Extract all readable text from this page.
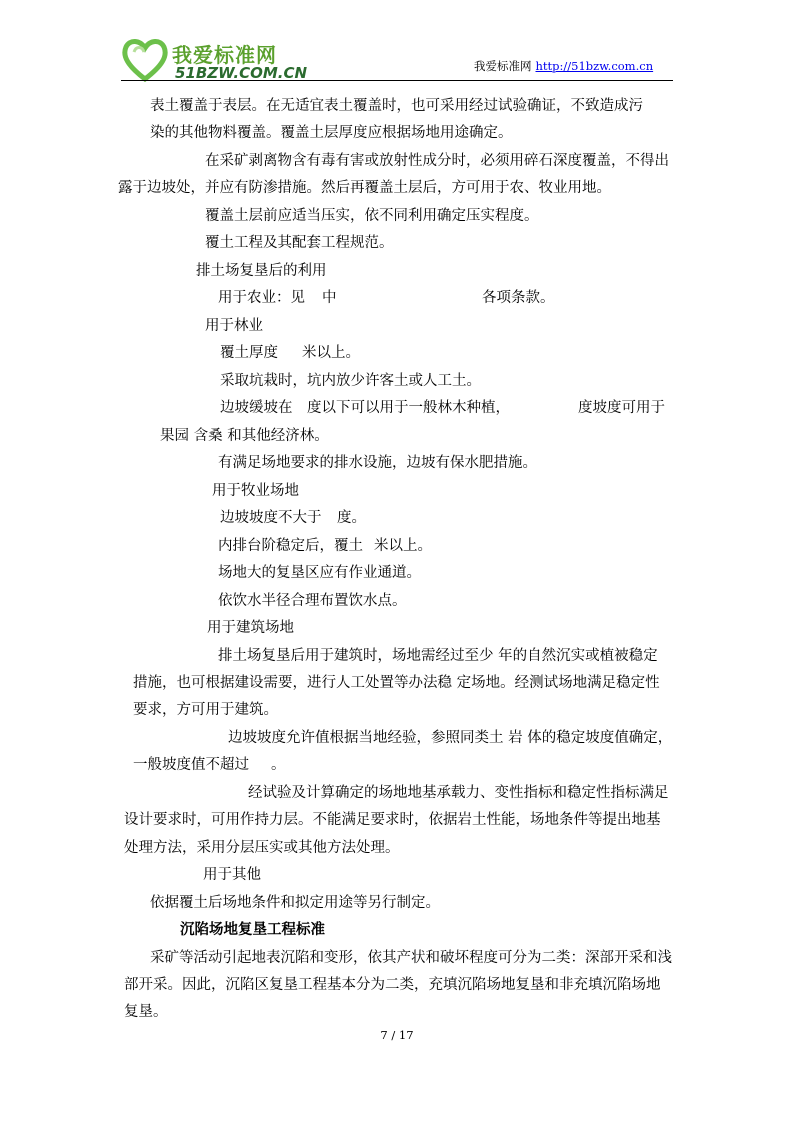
我爱标准网
51BZW.COM.CN	我爱标准网 http://51bzw.com.cn
表土覆盖于表层。在无适宜表土覆盖时，也可采用经过试验确证，不致造成污
染的其他物料覆盖。覆盖土层厚度应根据场地用途确定。
在采矿剥离物含有毒有害或放射性成分时，必须用碎石深度覆盖，不得出
露于边坡处，并应有防渗措施。然后再覆盖土层后，方可用于农、牧业用地。
覆盖土层前应适当压实，依不同利用确定压实程度。
覆土工程及其配套工程规范。
排土场复垦后的利用
用于农业：见 中	各项条款。
用于林业
覆土厚度 米以上。
采取坑栽时，坑内放少许客土或人工土。
边坡缓坡在 度以下可以用于一般林木种植，	度坡度可用于
果园 含桑 和其他经济林。
有满足场地要求的排水设施，边坡有保水肥措施。
用于牧业场地
边坡坡度不大于 度。
内排台阶稳定后，覆土 米以上。
场地大的复垦区应有作业通道。
依饮水半径合理布置饮水点。
用于建筑场地
排土场复垦后用于建筑时，场地需经过至少 年的自然沉实或植被稳定
措施，也可根据建设需要，进行人工处置等办法稳 定场地。经测试场地满足稳定性
要求，方可用于建筑。
边坡坡度允许值根据当地经验，参照同类土 岩 体的稳定坡度值确定，
一般坡度值不超过 。
经试验及计算确定的场地地基承载力、变性指标和稳定性指标满足
设计要求时，可用作持力层。不能满足要求时，依据岩土性能，场地条件等提出地基
处理方法，采用分层压实或其他方法处理。
用于其他
依据覆土后场地条件和拟定用途等另行制定。
沉陷场地复垦工程标准
采矿等活动引起地表沉陷和变形，依其产状和破坏程度可分为二类：深部开采和浅
部开采。因此，沉陷区复垦工程基本分为二类，充填沉陷场地复垦和非充填沉陷场地
复垦。
7 / 17
